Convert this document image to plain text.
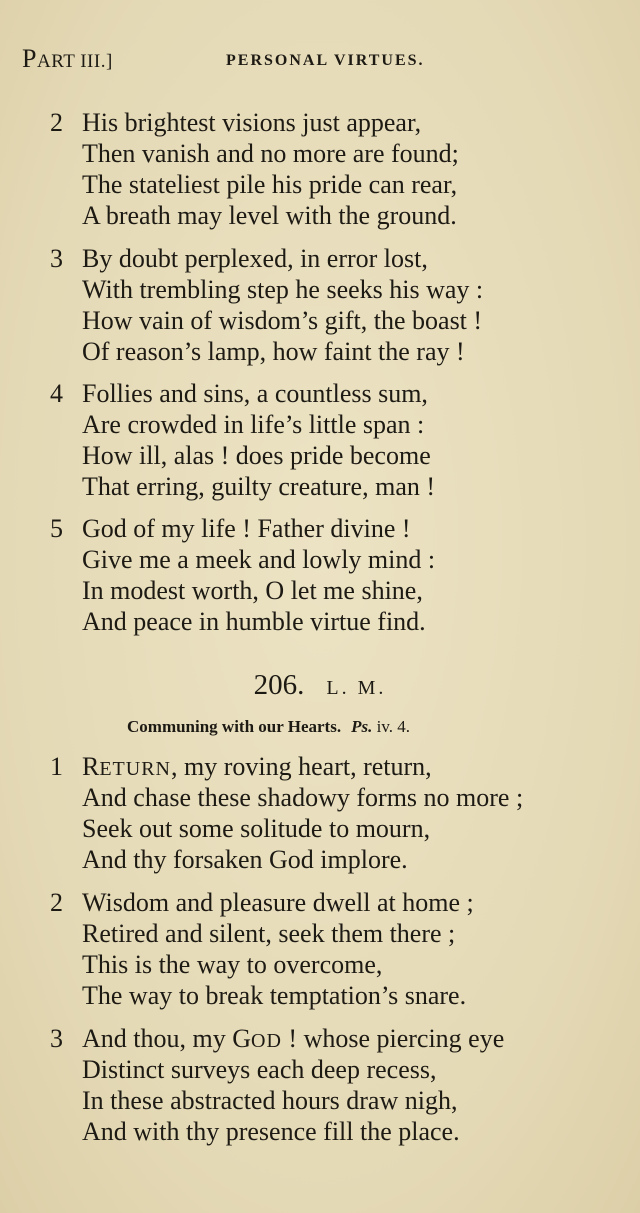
PART III.]	PERSONAL VIRTUES.
2 His brightest visions just appear,
Then vanish and no more are found;
The stateliest pile his pride can rear,
A breath may level with the ground.
3 By doubt perplexed, in error lost,
With trembling step he seeks his way :
How vain of wisdom’s gift, the boast !
Of reason’s lamp, how faint the ray !
4 Follies and sins, a countless sum,
Are crowded in life’s little span :
How ill, alas ! does pride become
That erring, guilty creature, man !
5 God of my life ! Father divine !
Give me a meek and lowly mind :
In modest worth, O let me shine,
And peace in humble virtue find.
206. L. M.
Communing with our Hearts. Ps. iv. 4.
1 RETURN, my roving heart, return,
And chase these shadowy forms no more ;
Seek out some solitude to mourn,
And thy forsaken God implore.
2 Wisdom and pleasure dwell at home ;
Retired and silent, seek them there ;
This is the way to overcome,
The way to break temptation’s snare.
3 And thou, my GOD ! whose piercing eye
Distinct surveys each deep recess,
In these abstracted hours draw nigh,
And with thy presence fill the place.
